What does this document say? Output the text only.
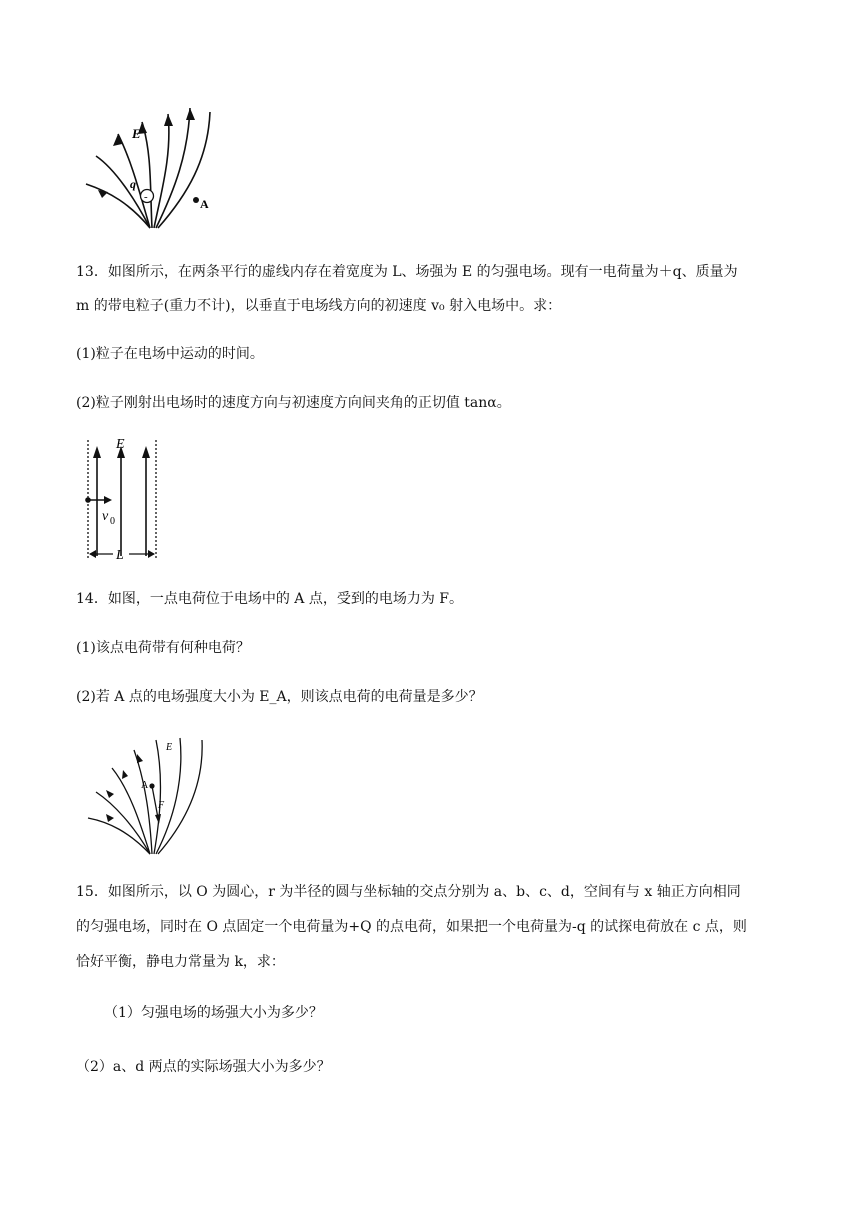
-
q
E
A
13．如图所示，在两条平行的虚线内存在着宽度为 L、场强为 E 的匀强电场。现有一电荷量为＋q、质量为
m 的带电粒子(重力不计)，以垂直于电场线方向的初速度 v₀ 射入电场中。求：
(1)粒子在电场中运动的时间。
(2)粒子刚射出电场时的速度方向与初速度方向间夹角的正切值 tanα。
E
v 0
L
14．如图，一点电荷位于电场中的 A 点，受到的电场力为 F。
(1)该点电荷带有何种电荷？
(2)若 A 点的电场强度大小为 E_A，则该点电荷的电荷量是多少？
A
F
E
15．如图所示，以 O 为圆心，r 为半径的圆与坐标轴的交点分别为 a、b、c、d，空间有与 x 轴正方向相同
的匀强电场，同时在 O 点固定一个电荷量为+Q 的点电荷，如果把一个电荷量为-q 的试探电荷放在 c 点，则
恰好平衡，静电力常量为 k，求：
（1）匀强电场的场强大小为多少？
（2）a、d 两点的实际场强大小为多少？
